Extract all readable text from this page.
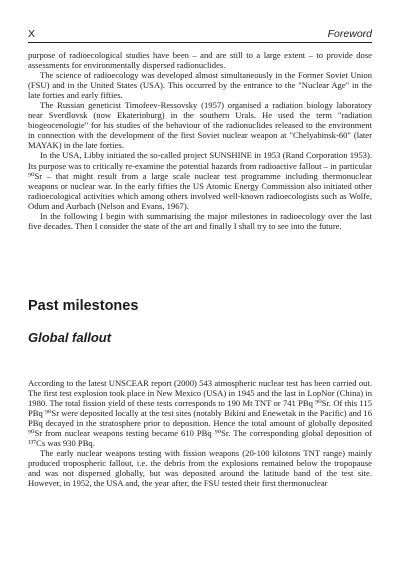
X	Foreword

purpose of radioecological studies have been – and are still to a large extent – to provide dose assessments for environmentally dispersed radionuclides.

The science of radioecology was developed almost simultaneously in the Former Soviet Union (FSU) and in the United States (USA). This occurred by the entrance to the "Nuclear Age" in the late forties and early fifties.

The Russian geneticist Timofeev-Ressovsky (1957) organised a radiation biology laboratory near Sverdlovsk (now Ekaterinburg) in the southern Urals. He used the term "radiation biogeocenologie" for his studies of the behaviour of the radionuclides released to the environment in connection with the development of the first Soviet nuclear weapon at "Chelyabinsk-60" (later MAYAK) in the late forties.

In the USA, Libby initiated the so-called project SUNSHINE in 1953 (Rand Corporation 1953). Its purpose was to critically re-examine the potential hazards from radioactive fallout – in particular ⁹⁰Sr – that might result from a large scale nuclear test programme including thermonuclear weapons or nuclear war. In the early fifties the US Atomic Energy Commission also initiated other radioecological activities which among others involved well-known radioecologists such as Wolfe, Odum and Aurbach (Nelson and Evans, 1967).

In the following I begin with summarising the major milestones in radioecology over the last five decades. Then I consider the state of the art and finally I shall try to see into the future.

Past milestones
Global fallout

According to the latest UNSCEAR report (2000) 543 atmospheric nuclear test has been carried out. The first test explosion took place in New Mexico (USA) in 1945 and the last in LopNor (China) in 1980. The total fission yield of these tests corresponds to 190 Mt TNT or 741 PBq ⁹⁰Sr. Of this 115 PBq ⁹⁰Sr were deposited locally at the test sites (notably Bikini and Enewetak in the Pacific) and 16 PBq decayed in the stratosphere prior to deposition. Hence the total amount of globally deposited ⁹⁰Sr from nuclear weapons testing became 610 PBq ⁹⁰Sr. The corresponding global deposition of ¹³⁷Cs was 930 PBq.

The early nuclear weapons testing with fission weapons (20-100 kilotons TNT range) mainly produced tropospheric fallout, i.e. the debris from the explosions remained below the tropopause and was not dispersed globally, but was deposited around the latitude band of the test site. However, in 1952, the USA and, the year after, the FSU tested their first thermonuclear
